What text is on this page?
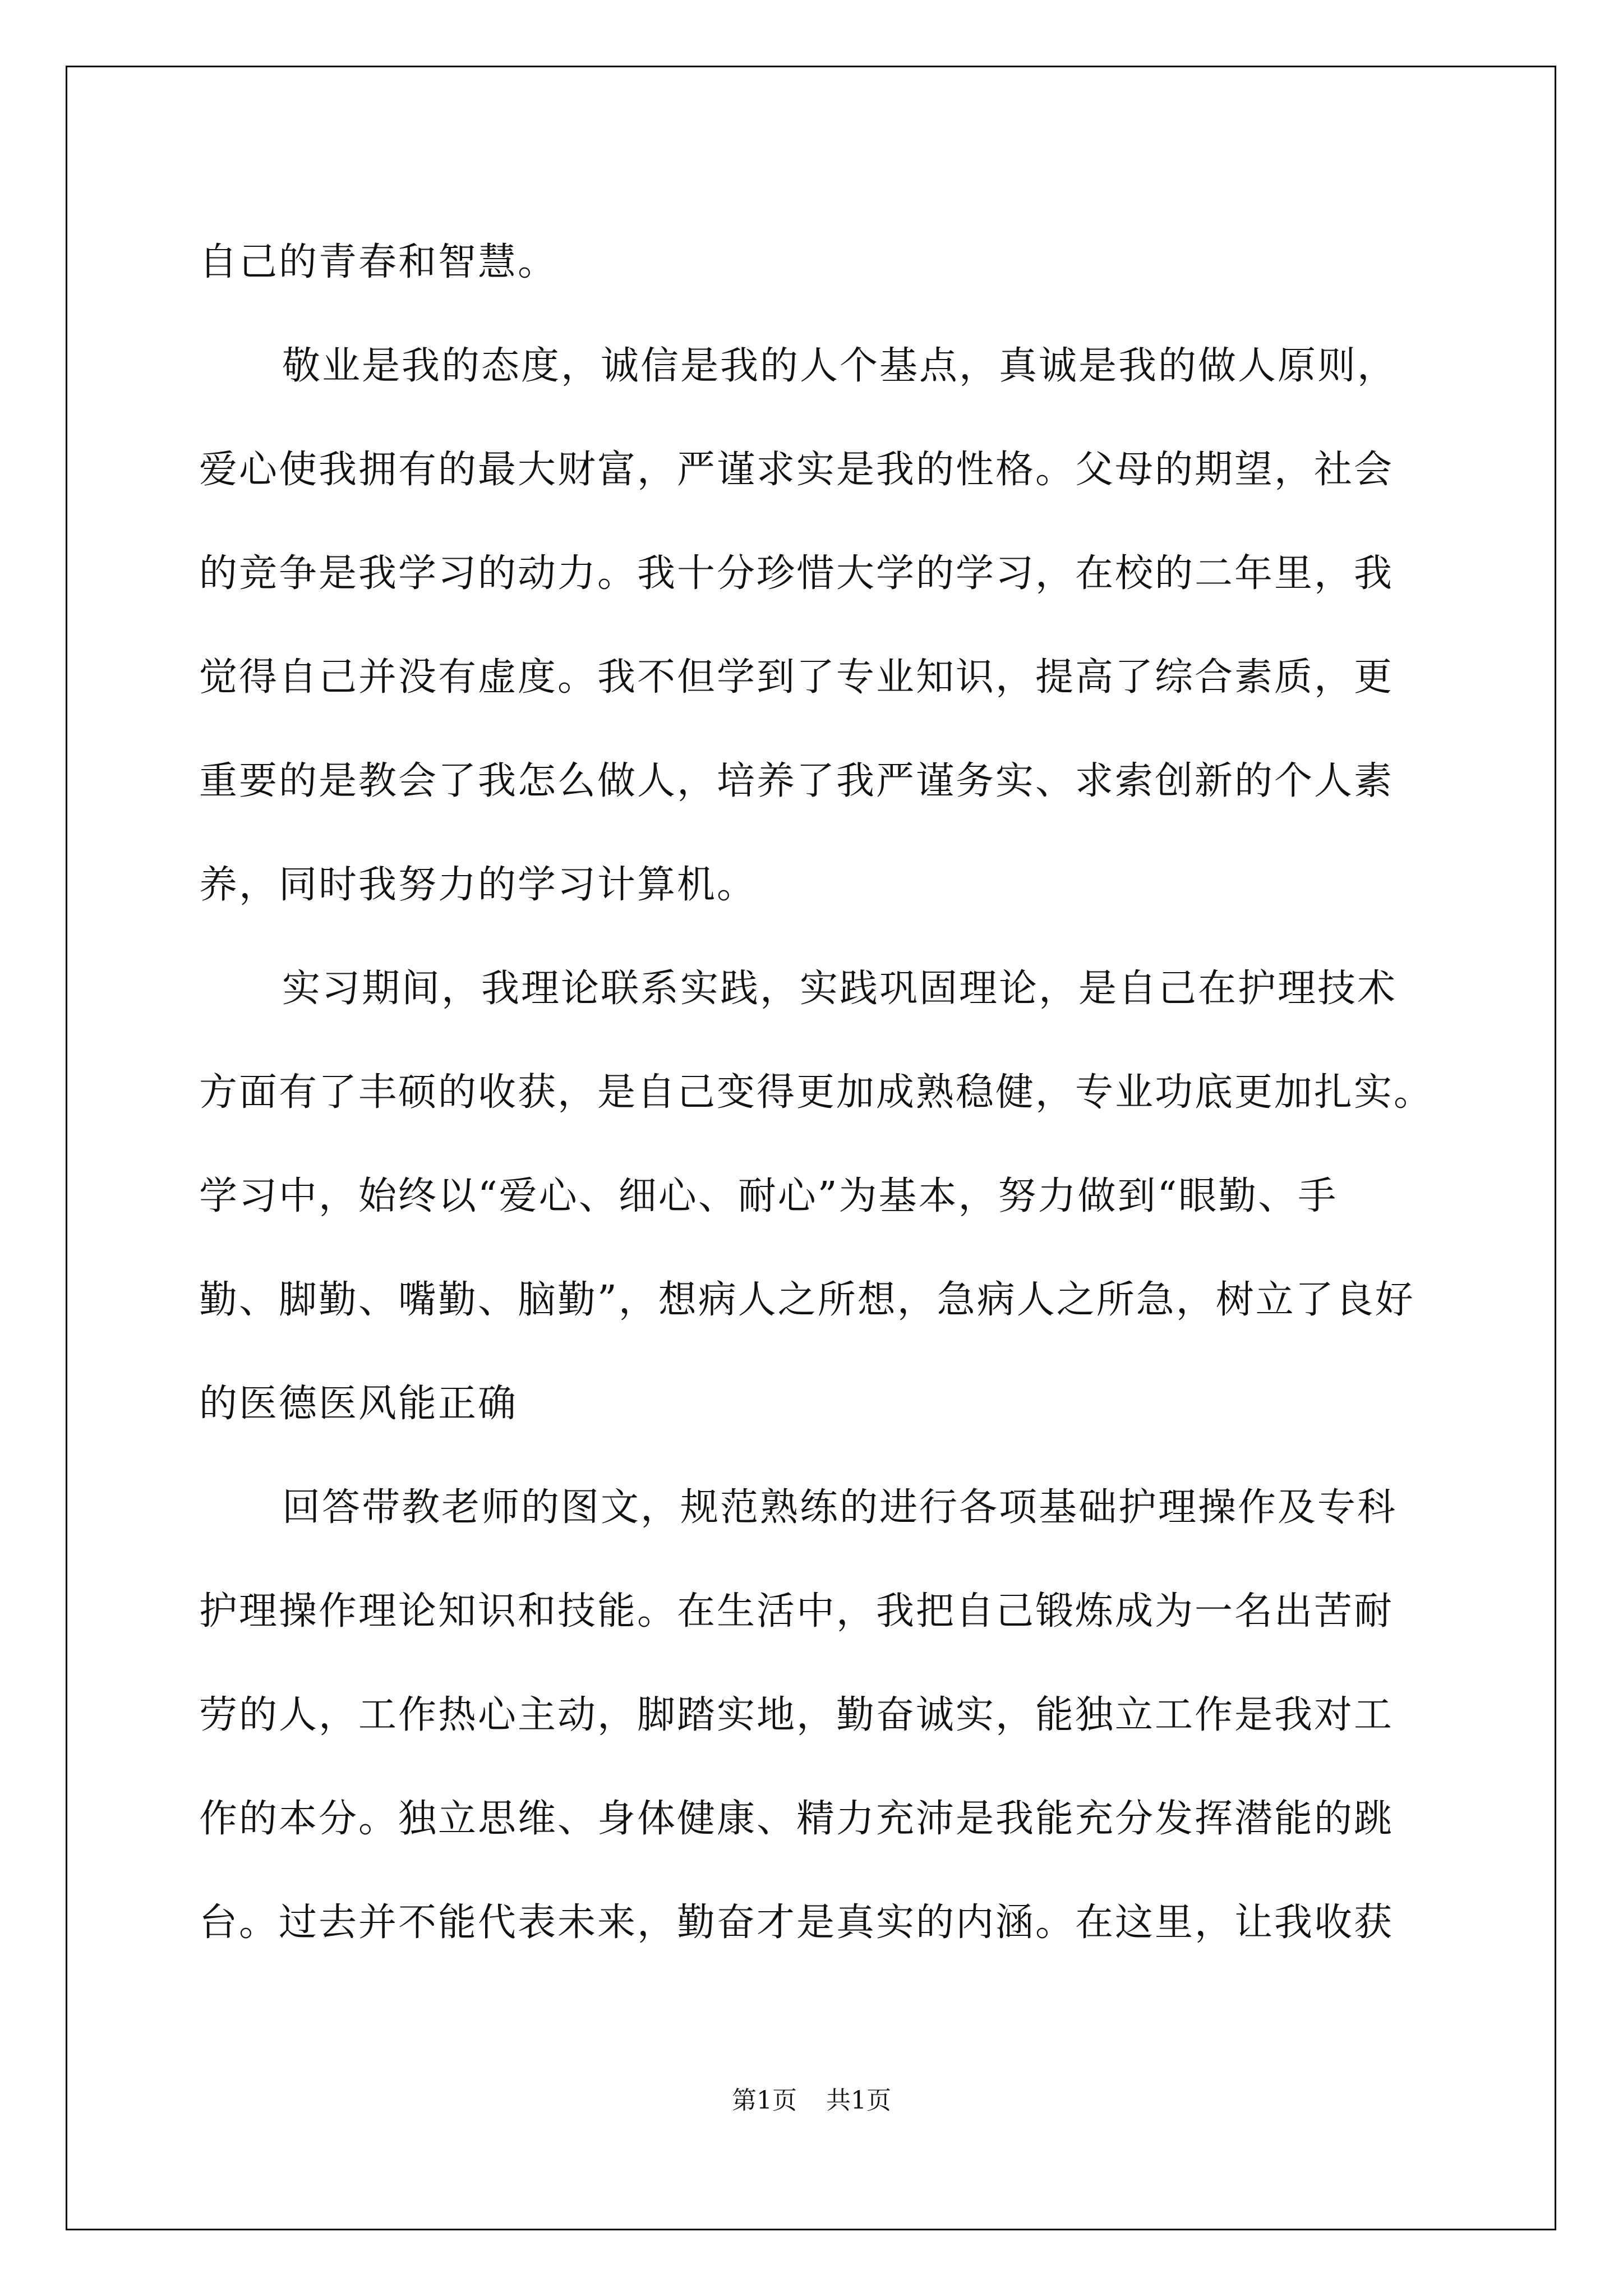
自己的青春和智慧。
敬业是我的态度，诚信是我的人个基点，真诚是我的做人原则，
爱心使我拥有的最大财富，严谨求实是我的性格。父母的期望，社会
的竞争是我学习的动力。我十分珍惜大学的学习，在校的二年里，我
觉得自己并没有虚度。我不但学到了专业知识，提高了综合素质，更
重要的是教会了我怎么做人，培养了我严谨务实、求索创新的个人素
养，同时我努力的学习计算机。
实习期间，我理论联系实践，实践巩固理论，是自己在护理技术
方面有了丰硕的收获，是自己变得更加成熟稳健，专业功底更加扎实。
学习中，始终以“爱心、细心、耐心”为基本，努力做到“眼勤、手
勤、脚勤、嘴勤、脑勤”，想病人之所想，急病人之所急，树立了良好
的医德医风能正确
回答带教老师的图文，规范熟练的进行各项基础护理操作及专科
护理操作理论知识和技能。在生活中，我把自己锻炼成为一名出苦耐
劳的人，工作热心主动，脚踏实地，勤奋诚实，能独立工作是我对工
作的本分。独立思维、身体健康、精力充沛是我能充分发挥潜能的跳
台。过去并不能代表未来，勤奋才是真实的内涵。在这里，让我收获
第1页 共1页
